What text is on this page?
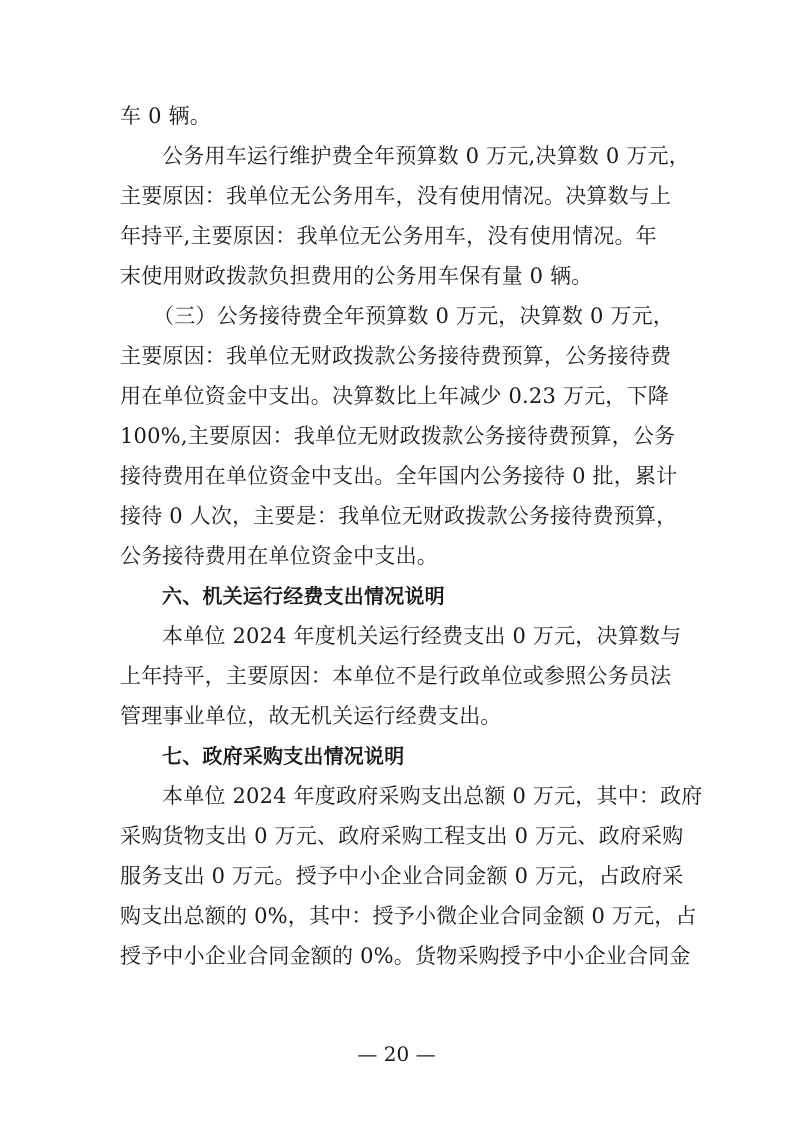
车 0 辆。
公务用车运行维护费全年预算数 0 万元,决算数 0 万元，
主要原因：我单位无公务用车，没有使用情况。决算数与上
年持平,主要原因：我单位无公务用车，没有使用情况。年
末使用财政拨款负担费用的公务用车保有量 0 辆。
（三）公务接待费全年预算数 0 万元，决算数 0 万元，
主要原因：我单位无财政拨款公务接待费预算，公务接待费
用在单位资金中支出。决算数比上年减少 0.23 万元，下降
100%,主要原因：我单位无财政拨款公务接待费预算，公务
接待费用在单位资金中支出。全年国内公务接待 0 批，累计
接待 0 人次，主要是：我单位无财政拨款公务接待费预算，
公务接待费用在单位资金中支出。
六、机关运行经费支出情况说明
本单位 2024 年度机关运行经费支出 0 万元，决算数与
上年持平，主要原因：本单位不是行政单位或参照公务员法
管理事业单位，故无机关运行经费支出。
七、政府采购支出情况说明
本单位 2024 年度政府采购支出总额 0 万元，其中：政府
采购货物支出 0 万元、政府采购工程支出 0 万元、政府采购
服务支出 0 万元。授予中小企业合同金额 0 万元，占政府采
购支出总额的 0%，其中：授予小微企业合同金额 0 万元，占
授予中小企业合同金额的 0%。货物采购授予中小企业合同金
— 20 —
